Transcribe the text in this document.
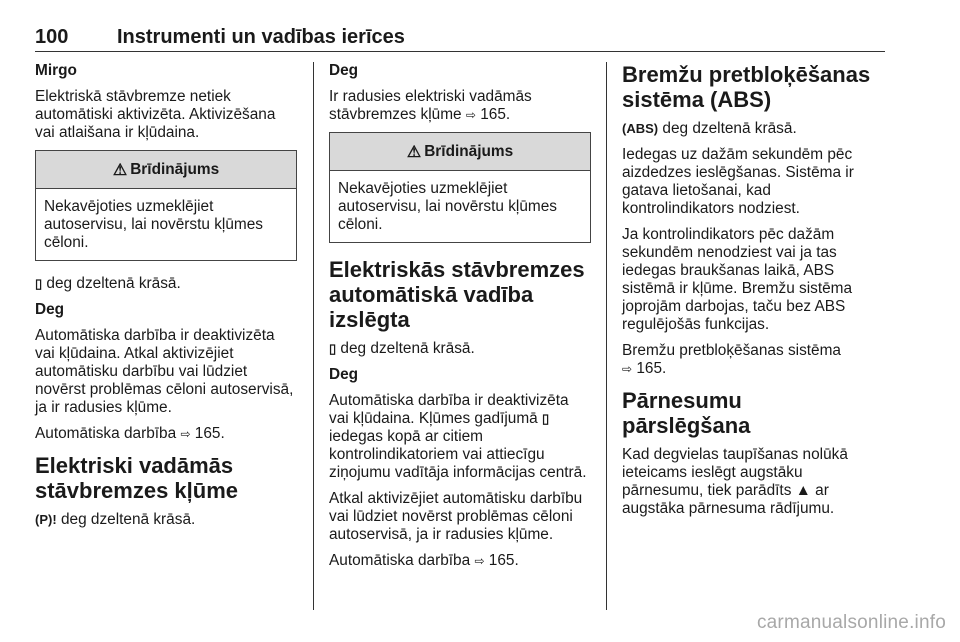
100 Instrumenti un vadības ierīces
Mirgo

Elektriskā stāvbremze netiek automātiski aktivizēta. Aktivizēšana vai atlaišana ir kļūdaina.

⚠ Brīdinājums

Nekavējoties uzmeklējiet autoservisu, lai novērstu kļūmes cēloni.

▯ deg dzeltenā krāsā.

Deg

Automātiska darbība ir deaktivizēta vai kļūdaina. Atkal aktivizējiet automātisku darbību vai lūdziet novērst problēmas cēloni autoservisā, ja ir radusies kļūme.

Automātiska darbība ⇨ 165.

Elektriski vadāmās stāvbremzes kļūme

(P)! deg dzeltenā krāsā.

Deg

Ir radusies elektriski vadāmās stāvbremzes kļūme ⇨ 165.

⚠ Brīdinājums

Nekavējoties uzmeklējiet autoservisu, lai novērstu kļūmes cēloni.

Elektriskās stāvbremzes automātiskā vadība izslēgta

▯ deg dzeltenā krāsā.

Deg

Automātiska darbība ir deaktivizēta vai kļūdaina. Kļūmes gadījumā ▯ iedegas kopā ar citiem kontrolindikatoriem vai attiecīgu ziņojumu vadītāja informācijas centrā.

Atkal aktivizējiet automātisku darbību vai lūdziet novērst problēmas cēloni autoservisā, ja ir radusies kļūme.

Automātiska darbība ⇨ 165.

Bremžu pretbloķēšanas sistēma (ABS)

(ABS) deg dzeltenā krāsā.

Iedegas uz dažām sekundēm pēc aizdedzes ieslēgšanas. Sistēma ir gatava lietošanai, kad kontrolindikators nodziest.

Ja kontrolindikators pēc dažām sekundēm nenodziest vai ja tas iedegas braukšanas laikā, ABS sistēmā ir kļūme. Bremžu sistēma joprojām darbojas, taču bez ABS regulējošās funkcijas.

Bremžu pretbloķēšanas sistēma
⇨ 165.

Pārnesumu pārslēgšana

Kad degvielas taupīšanas nolūkā ieteicams ieslēgt augstāku pārnesumu, tiek parādīts ▲ ar augstāka pārnesuma rādījumu.

carmanualsonline.info
